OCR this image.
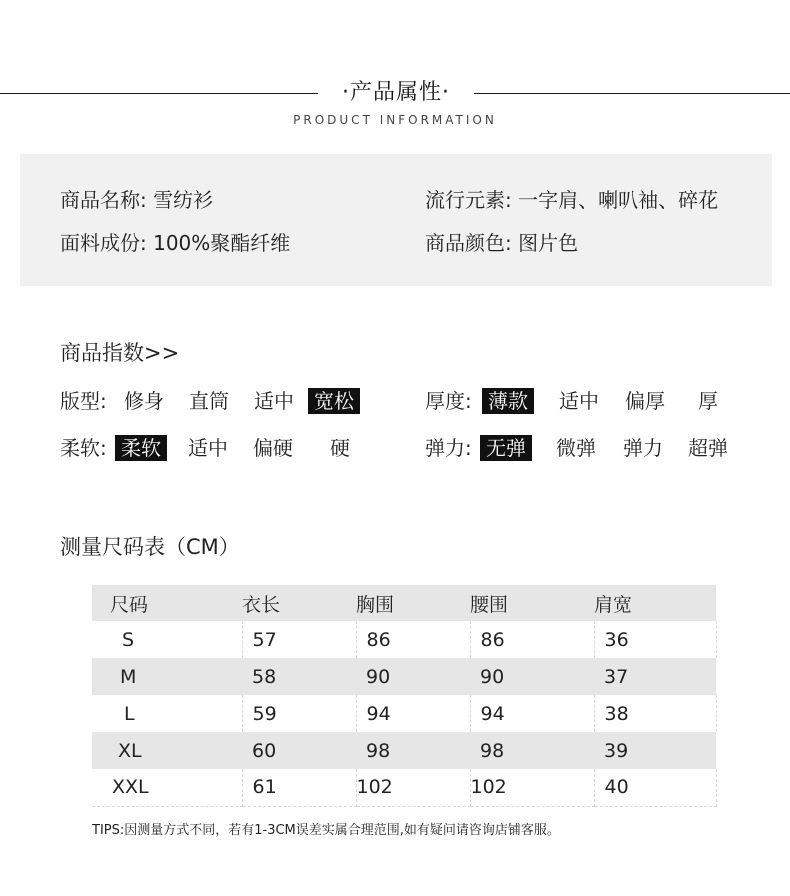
·产品属性·
PRODUCT INFORMATION
商品名称: 雪纺衫	流行元素: 一字肩、喇叭袖、碎花
面料成份: 100%聚酯纤维	商品颜色: 图片色
商品指数>>
版型: 修身 直筒 适中	宽松	厚度: 薄款	适中 偏厚 厚
柔软: 柔软	适中 偏硬 硬	弹力: 无弹	微弹 弹力 超弹
测量尺码表（CM）
尺码	衣长	胸围	腰围	肩宽
S	57	86	86	36
M	58	90	90	37
L	59	94	94	38
XL	60	98	98	39
XXL	61	102	102	40
TIPS:因测量方式不同，若有1-3CM误差实属合理范围,如有疑问请咨询店铺客服。
